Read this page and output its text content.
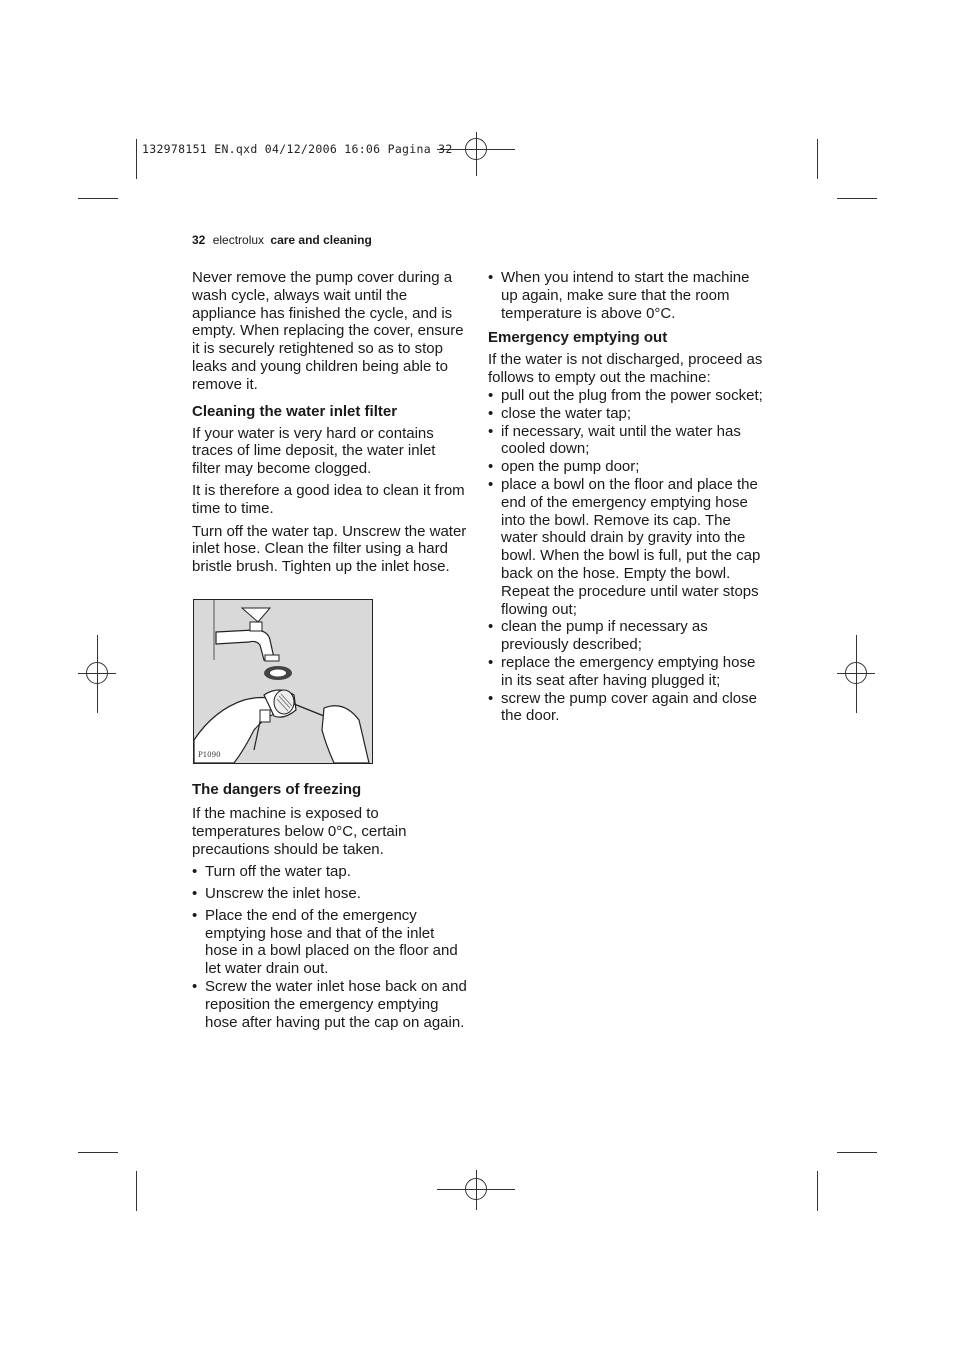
132978151 EN.qxd 04/12/2006 16:06 Pagina 32
32 electrolux care and cleaning

Never remove the pump cover during a wash cycle, always wait until the appliance has finished the cycle, and is empty. When replacing the cover, ensure it is securely retightened so as to stop leaks and young children being able to remove it.

Cleaning the water inlet filter

If your water is very hard or contains traces of lime deposit, the water inlet filter may become clogged.

It is therefore a good idea to clean it from time to time.

Turn off the water tap. Unscrew the water inlet hose. Clean the filter using a hard bristle brush. Tighten up the inlet hose.

P1090
The dangers of freezing

If the machine is exposed to temperatures below 0°C, certain precautions should be taken.

• Turn off the water tap.
• Unscrew the inlet hose.
• Place the end of the emergency emptying hose and that of the inlet hose in a bowl placed on the floor and let water drain out.
• Screw the water inlet hose back on and reposition the emergency emptying hose after having put the cap on again.
• When you intend to start the machine up again, make sure that the room temperature is above 0°C.
Emergency emptying out

If the water is not discharged, proceed as follows to empty out the machine:

• pull out the plug from the power socket;
• close the water tap;
• if necessary, wait until the water has cooled down;
• open the pump door;
• place a bowl on the floor and place the end of the emergency emptying hose into the bowl. Remove its cap. The water should drain by gravity into the bowl. When the bowl is full, put the cap back on the hose. Empty the bowl. Repeat the procedure until water stops flowing out;
• clean the pump if necessary as previously described;
• replace the emergency emptying hose in its seat after having plugged it;
• screw the pump cover again and close the door.
